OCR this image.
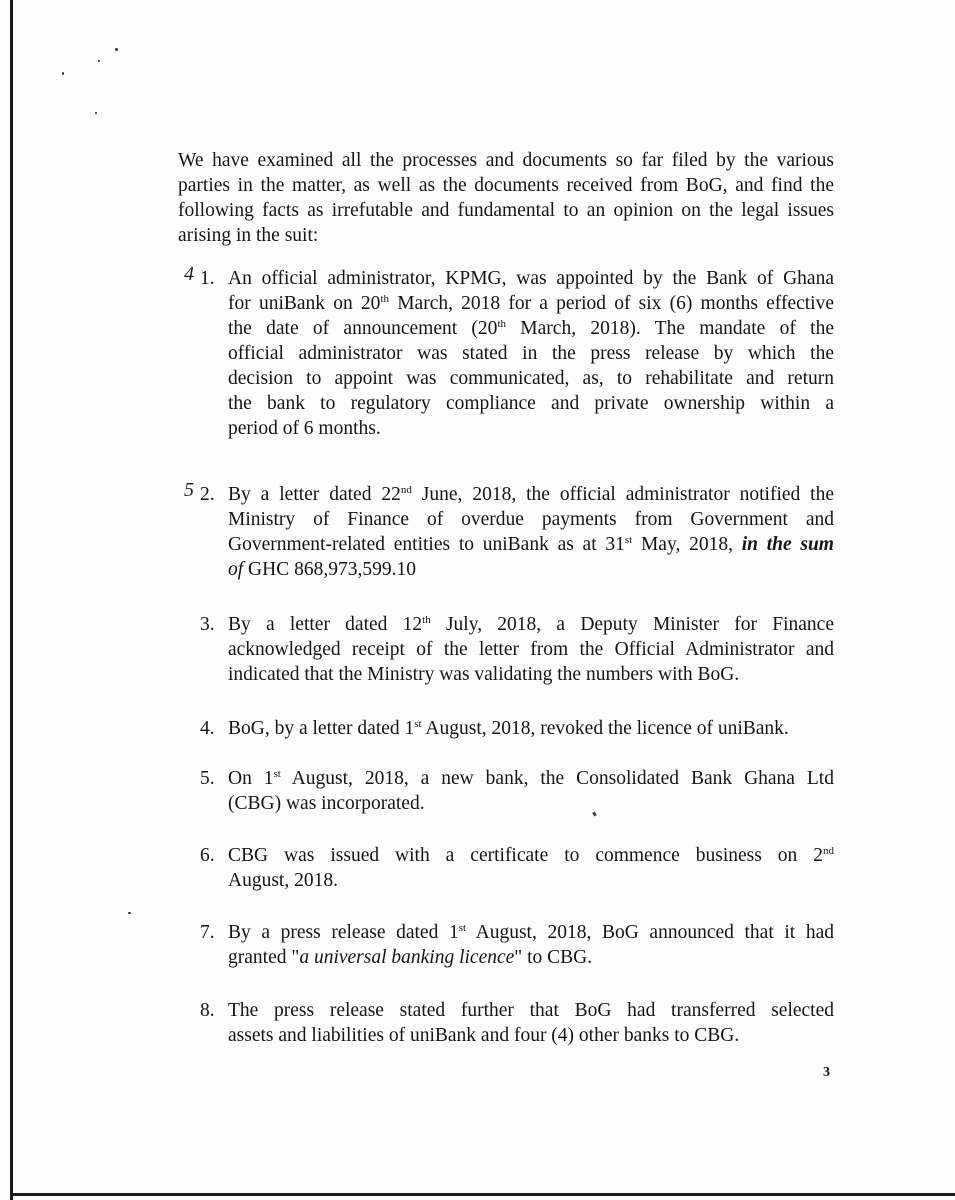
We have examined all the processes and documents so far filed by the various parties in the matter, as well as the documents received from BoG, and find the following facts as irrefutable and fundamental to an opinion on the legal issues arising in the suit:

4 1. An official administrator, KPMG, was appointed by the Bank of Ghana
for uniBank on 20th March, 2018 for a period of six (6) months effective
the date of announcement (20th March, 2018). The mandate of the
official administrator was stated in the press release by which the
decision to appoint was communicated, as, to rehabilitate and return
the bank to regulatory compliance and private ownership within a
period of 6 months.
5 2. By a letter dated 22nd June, 2018, the official administrator notified the
Ministry of Finance of overdue payments from Government and
Government-related entities to uniBank as at 31st May, 2018, in the sum
of GHC 868,973,599.10
3. By a letter dated 12th July, 2018, a Deputy Minister for Finance
acknowledged receipt of the letter from the Official Administrator and
indicated that the Ministry was validating the numbers with BoG.
4. BoG, by a letter dated 1st August, 2018, revoked the licence of uniBank.
5. On 1st August, 2018, a new bank, the Consolidated Bank Ghana Ltd
(CBG) was incorporated.
6. CBG was issued with a certificate to commence business on 2nd
August, 2018.
7. By a press release dated 1st August, 2018, BoG announced that it had
granted "a universal banking licence" to CBG.
8. The press release stated further that BoG had transferred selected
assets and liabilities of uniBank and four (4) other banks to CBG.
3
